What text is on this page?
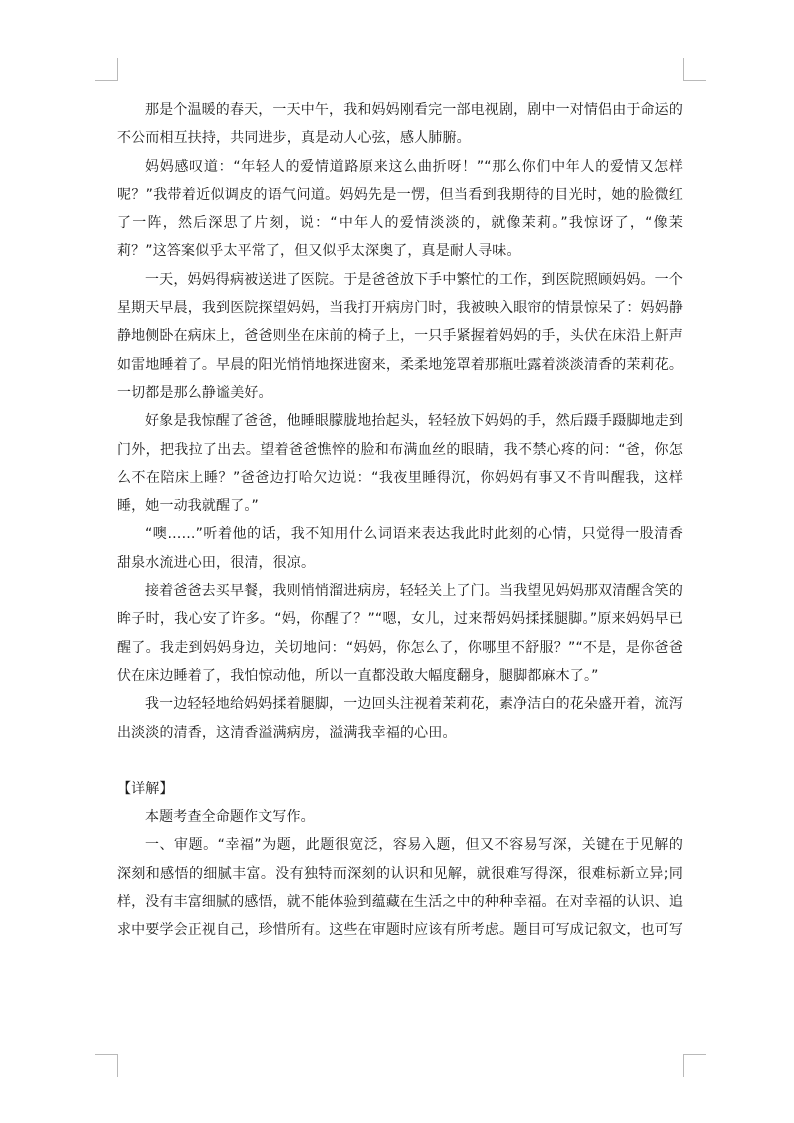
那是个温暖的春天，一天中午，我和妈妈刚看完一部电视剧，剧中一对情侣由于命运的不公而相互扶持，共同进步，真是动人心弦，感人肺腑。

妈妈感叹道：“年轻人的爱情道路原来这么曲折呀！”“那么你们中年人的爱情又怎样呢？”我带着近似调皮的语气问道。妈妈先是一愣，但当看到我期待的目光时，她的脸微红了一阵，然后深思了片刻，说：“中年人的爱情淡淡的，就像茉莉。”我惊讶了，“像茉莉？”这答案似乎太平常了，但又似乎太深奥了，真是耐人寻味。

一天，妈妈得病被送进了医院。于是爸爸放下手中繁忙的工作，到医院照顾妈妈。一个星期天早晨，我到医院探望妈妈，当我打开病房门时，我被映入眼帘的情景惊呆了：妈妈静静地侧卧在病床上，爸爸则坐在床前的椅子上，一只手紧握着妈妈的手，头伏在床沿上鼾声如雷地睡着了。早晨的阳光悄悄地探进窗来，柔柔地笼罩着那瓶吐露着淡淡清香的茉莉花。一切都是那么静谧美好。

好象是我惊醒了爸爸，他睡眼朦胧地抬起头，轻轻放下妈妈的手，然后蹑手蹑脚地走到门外，把我拉了出去。望着爸爸憔悴的脸和布满血丝的眼睛，我不禁心疼的问：“爸，你怎么不在陪床上睡？”爸爸边打哈欠边说：“我夜里睡得沉，你妈妈有事又不肯叫醒我，这样睡，她一动我就醒了。”

“噢……”听着他的话，我不知用什么词语来表达我此时此刻的心情，只觉得一股清香甜泉水流进心田，很清，很凉。

接着爸爸去买早餐，我则悄悄溜进病房，轻轻关上了门。当我望见妈妈那双清醒含笑的眸子时，我心安了许多。“妈，你醒了？”“嗯，女儿，过来帮妈妈揉揉腿脚。”原来妈妈早已醒了。我走到妈妈身边，关切地问：“妈妈，你怎么了，你哪里不舒服？”“不是，是你爸爸伏在床边睡着了，我怕惊动他，所以一直都没敢大幅度翻身，腿脚都麻木了。”

我一边轻轻地给妈妈揉着腿脚，一边回头注视着茉莉花，素净洁白的花朵盛开着，流泻出淡淡的清香，这清香溢满病房，溢满我幸福的心田。

【详解】

本题考查全命题作文写作。

一、审题。“幸福”为题，此题很宽泛，容易入题，但又不容易写深，关键在于见解的深刻和感悟的细腻丰富。没有独特而深刻的认识和见解，就很难写得深，很难标新立异;同样，没有丰富细腻的感悟，就不能体验到蕴藏在生活之中的种种幸福。在对幸福的认识、追求中要学会正视自己，珍惜所有。这些在审题时应该有所考虑。题目可写成记叙文，也可写
